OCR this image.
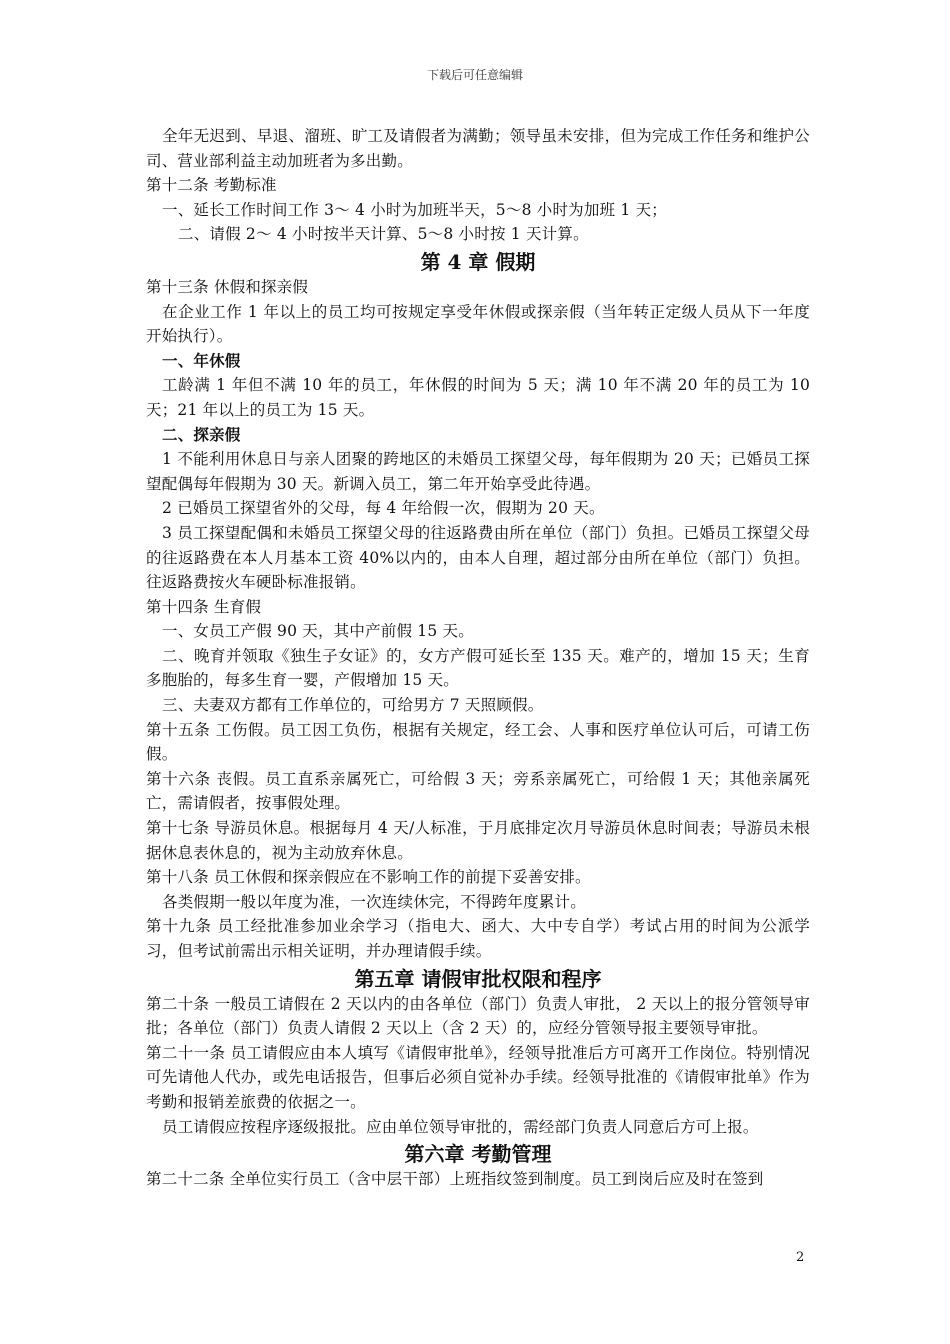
下载后可任意编辑

全年无迟到、早退、溜班、旷工及请假者为满勤；领导虽未安排，但为完成工作任务和维护公司、营业部利益主动加班者为多出勤。

第十二条 考勤标准

一、延长工作时间工作 3～ 4 小时为加班半天，5～8 小时为加班 1 天；

二、请假 2～ 4 小时按半天计算、5～8 小时按 1 天计算。

第 4 章 假期

第十三条 休假和探亲假

在企业工作 1 年以上的员工均可按规定享受年休假或探亲假（当年转正定级人员从下一年度开始执行）。

一、年休假

工龄满 1 年但不满 10 年的员工，年休假的时间为 5 天；满 10 年不满 20 年的员工为 10 天；21 年以上的员工为 15 天。

二、探亲假

1 不能利用休息日与亲人团聚的跨地区的未婚员工探望父母，每年假期为 20 天；已婚员工探望配偶每年假期为 30 天。新调入员工，第二年开始享受此待遇。

2 已婚员工探望省外的父母，每 4 年给假一次，假期为 20 天。

3 员工探望配偶和未婚员工探望父母的往返路费由所在单位（部门）负担。已婚员工探望父母的往返路费在本人月基本工资 40%以内的，由本人自理，超过部分由所在单位（部门）负担。往返路费按火车硬卧标准报销。

第十四条 生育假

一、女员工产假 90 天，其中产前假 15 天。

二、晚育并领取《独生子女证》的，女方产假可延长至 135 天。难产的，增加 15 天；生育多胞胎的，每多生育一婴，产假增加 15 天。

三、夫妻双方都有工作单位的，可给男方 7 天照顾假。

第十五条 工伤假。员工因工负伤，根据有关规定，经工会、人事和医疗单位认可后，可请工伤假。

第十六条 丧假。员工直系亲属死亡，可给假 3 天；旁系亲属死亡，可给假 1 天；其他亲属死亡，需请假者，按事假处理。

第十七条 导游员休息。根据每月 4 天/人标准，于月底排定次月导游员休息时间表；导游员未根据休息表休息的，视为主动放弃休息。

第十八条 员工休假和探亲假应在不影响工作的前提下妥善安排。

各类假期一般以年度为准，一次连续休完，不得跨年度累计。

第十九条 员工经批准参加业余学习（指电大、函大、大中专自学）考试占用的时间为公派学习，但考试前需出示相关证明，并办理请假手续。

第五章 请假审批权限和程序

第二十条 一般员工请假在 2 天以内的由各单位（部门）负责人审批， 2 天以上的报分管领导审批；各单位（部门）负责人请假 2 天以上（含 2 天）的，应经分管领导报主要领导审批。

第二十一条 员工请假应由本人填写《请假审批单》，经领导批准后方可离开工作岗位。特别情况可先请他人代办，或先电话报告，但事后必须自觉补办手续。经领导批准的《请假审批单》作为考勤和报销差旅费的依据之一。

员工请假应按程序逐级报批。应由单位领导审批的，需经部门负责人同意后方可上报。

第六章 考勤管理

第二十二条 全单位实行员工（含中层干部）上班指纹签到制度。员工到岗后应及时在签到

2
